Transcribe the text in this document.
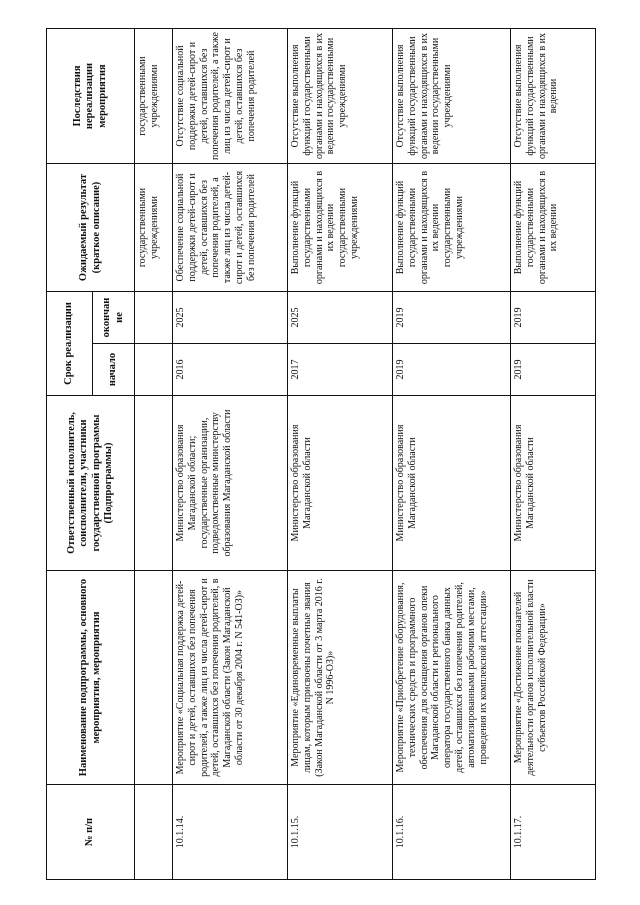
№ п/п	Наименование подпрограммы, основного мероприятия, мероприятия	Ответственный исполнитель, соисполнители, участники государственной программы (Подпрограммы)	Срок реализации		Ожидаемый результат (краткое описание)	Последствия нереализации мероприятия
			начало	окончание		
					государственными учреждениями	государственными учреждениями
10.1.14.	Мероприятие «Социальная поддержка детей-сирот и детей, оставшихся без попечения родителей, а также лиц из числа детей-сирот и детей, оставшихся без попечения родителей, в Магаданской области (Закон Магаданской области от 30 декабря 2004 г. N 541-ОЗ)»	Министерство образования Магаданской области; государственные организации, подведомственные министерству образования Магаданской области	2016	2025	Обеспечение социальной поддержки детей-сирот и детей, оставшихся без попечения родителей, а также лиц из числа детей-сирот и детей, оставшихся без попечения родителей	Отсутствие социальной поддержки детей-сирот и детей, оставшихся без попечения родителей, а также лиц из числа детей-сирот и детей, оставшихся без попечения родителей
10.1.15.	Мероприятие «Единовременные выплаты лицам, которым присвоены почетные звания (Закон Магаданской области от 3 марта 2016 г. N 1996-ОЗ)»	Министерство образования Магаданской области	2017	2025	Выполнение функций государственными органами и находящихся в их ведении государственными учреждениями	Отсутствие выполнения функций государственными органами и находящихся в их ведении государственными учреждениями
10.1.16.	Мероприятие «Приобретение оборудования, технических средств и программного обеспечения для оснащения органов опеки Магаданской области и регионального оператора государственного банка данных детей, оставшихся без попечения родителей, автоматизированными рабочими местами, проведения их комплексной аттестации»	Министерство образования Магаданской области	2019	2019	Выполнение функций государственными органами и находящихся в их ведении государственными учреждениями	Отсутствие выполнения функций государственными органами и находящихся в их ведении государственными учреждениями
10.1.17.	Мероприятие «Достижение показателей деятельности органов исполнительной власти субъектов Российской Федерации»	Министерство образования Магаданской области	2019	2019	Выполнение функций государственными органами и находящихся в их ведении	Отсутствие выполнения функций государственными органами и находящихся в их ведении
